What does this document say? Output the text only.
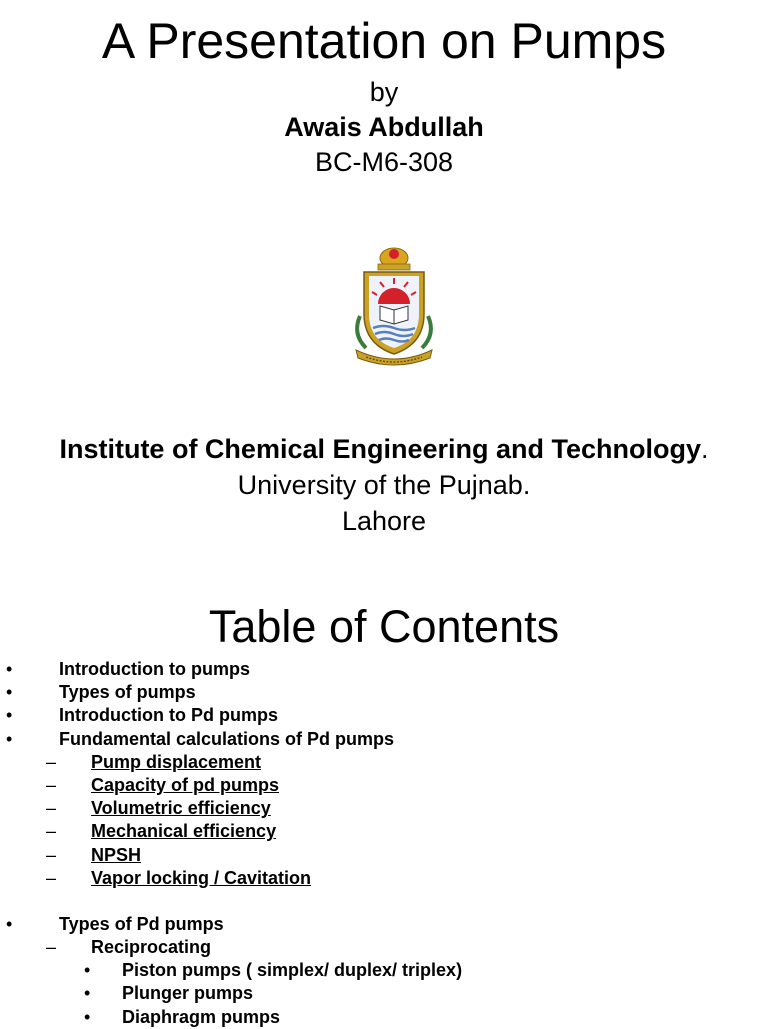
A Presentation on Pumps
by
Awais Abdullah
BC-M6-308
Institute of Chemical Engineering and Technology.
University of the Pujnab.
Lahore
Table of Contents
•	Introduction to pumps
•	Types of pumps
•	Introduction to Pd pumps
•	Fundamental calculations of Pd pumps
– Pump displacement
– Capacity of pd pumps
– Volumetric efficiency
– Mechanical efficiency
– NPSH
– Vapor locking / Cavitation
•	Types of Pd pumps
– Reciprocating
• Piston pumps ( simplex/ duplex/ triplex)
• Plunger pumps
• Diaphragm pumps
